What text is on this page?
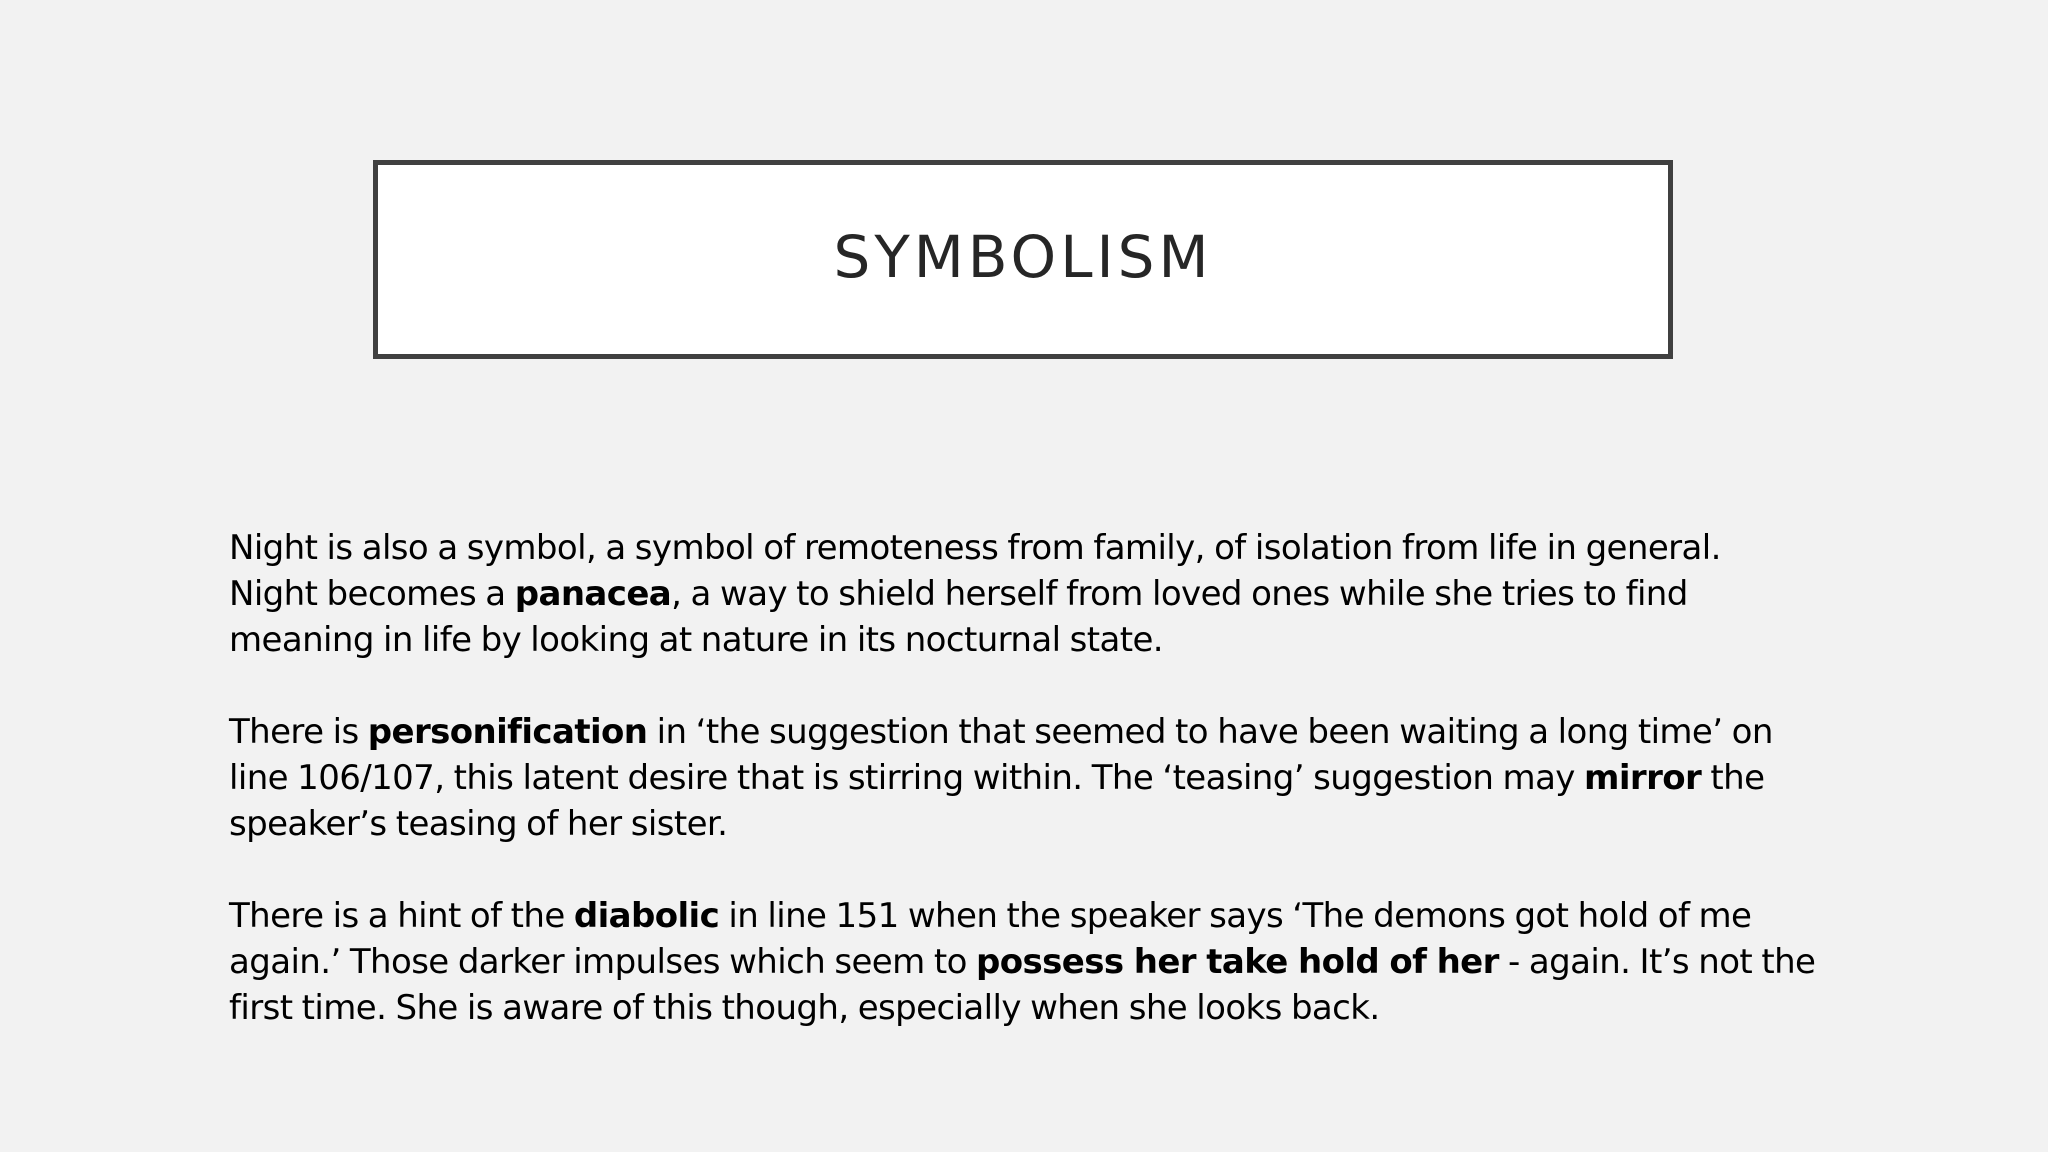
SYMBOLISM

Night is also a symbol, a symbol of remoteness from family, of isolation from life in general.
Night becomes a panacea, a way to shield herself from loved ones while she tries to find
meaning in life by looking at nature in its nocturnal state.

There is personification in ‘the suggestion that seemed to have been waiting a long time’ on
line 106/107, this latent desire that is stirring within. The ‘teasing’ suggestion may mirror the
speaker’s teasing of her sister.

There is a hint of the diabolic in line 151 when the speaker says ‘The demons got hold of me
again.’ Those darker impulses which seem to possess her take hold of her - again. It’s not the
first time. She is aware of this though, especially when she looks back.
